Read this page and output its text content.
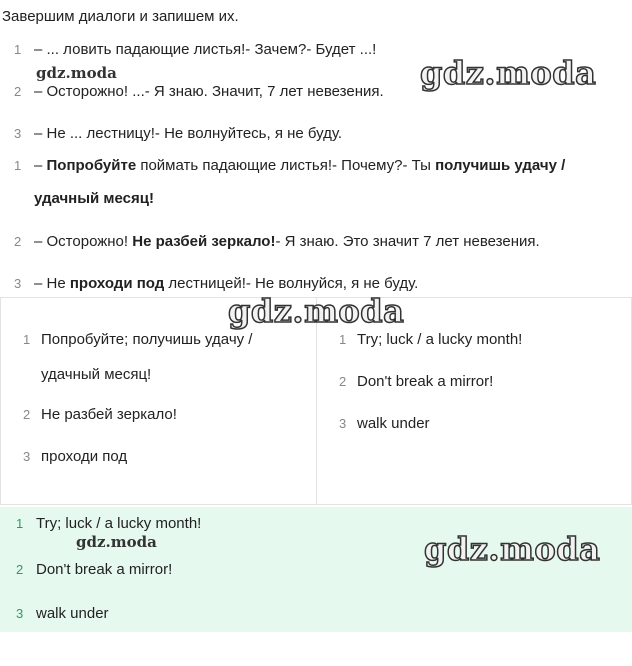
Завершим диалоги и запишем их.
1 – ... ловить падающие листья!- Зачем?- Будет ...!
2 – Осторожно! ...- Я знаю. Значит, 7 лет невезения.
3 – Не ... лестницу!- Не волнуйтесь, я не буду.
1 – Попробуйте поймать падающие листья!- Почему?- Ты получишь удачу /
удачный месяц!
2 – Осторожно! Не разбей зеркало!- Я знаю. Это значит 7 лет невезения.
3 – Не проходи под лестницей!- Не волнуйся, я не буду.
1 Попробуйте; получишь удачу /
удачный месяц!
2 Не разбей зеркало!
3 проходи под
1 Try; luck / a lucky month!
2 Don't break a mirror!
3 walk under
1 Try; luck / a lucky month!
2 Don't break a mirror!
3 walk under
gdz.moda	gdz.moda
gdz.moda
gdz.moda	gdz.moda
